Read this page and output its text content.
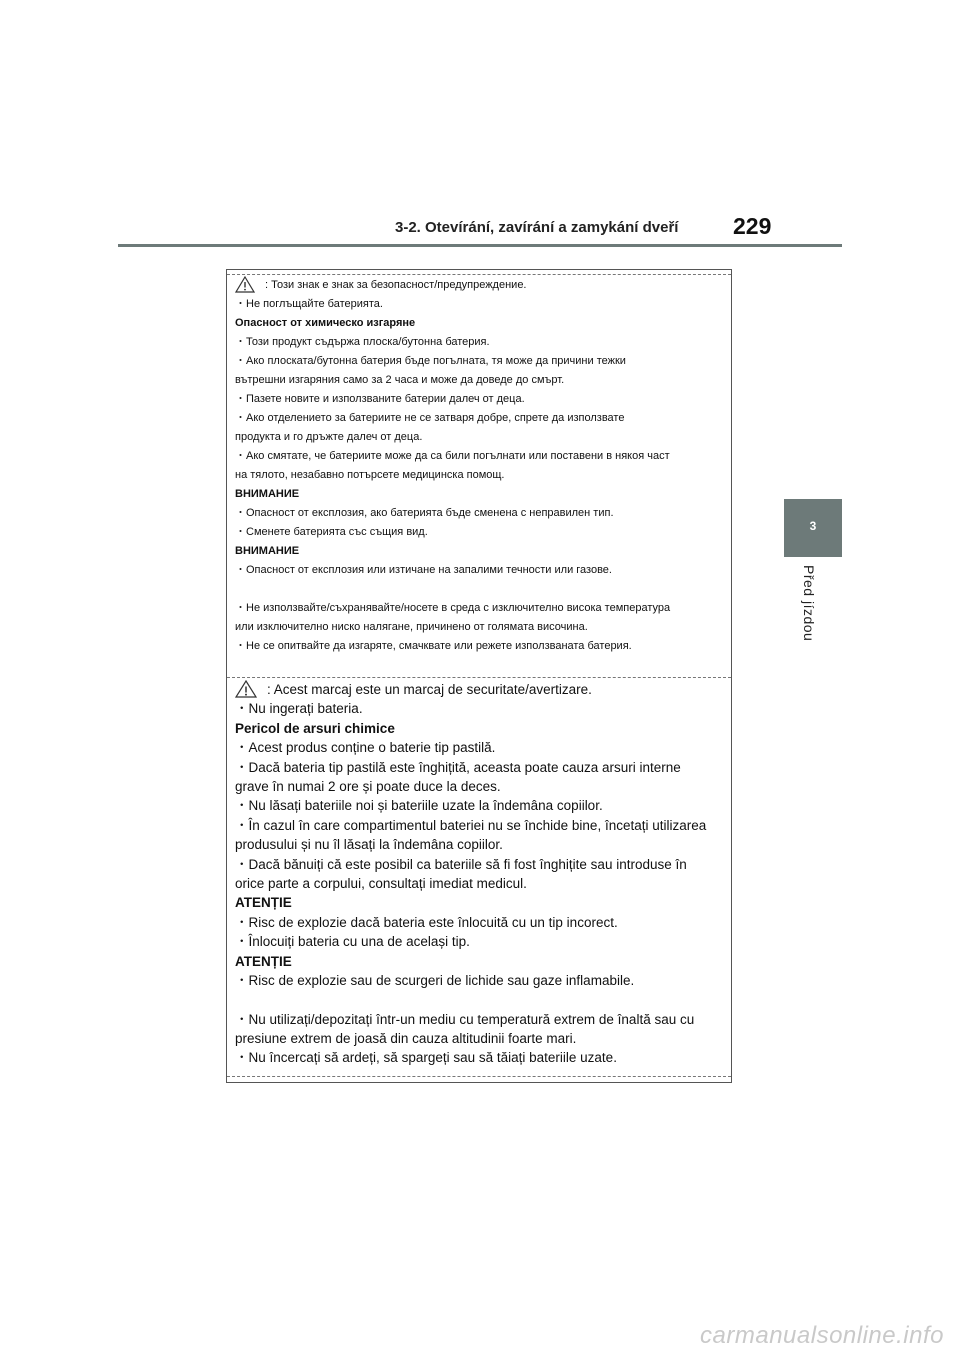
3-2. Otevírání, zavírání a zamykání dveří 229
3
Před jízdou

: Този знак е знак за безопасност/предупреждение.

・Не поглъщайте батерията.

Опасност от химическо изгаряне

・Този продукт съдържа плоска/бутонна батерия.

・Ако плоската/бутонна батерия бъде погълната, тя може да причини тежки

вътрешни изгаряния само за 2 часа и може да доведе до смърт.

・Пазете новите и използваните батерии далеч от деца.

・Ако отделението за батериите не се затваря добре, спрете да използвате

продукта и го дръжте далеч от деца.

・Ако смятате, че батериите може да са били погълнати или поставени в някоя част

на тялото, незабавно потърсете медицинска помощ.

ВНИМАНИЕ

・Опасност от експлозия, ако батерията бъде сменена с неправилен тип.

・Сменете батерията със същия вид.

ВНИМАНИЕ

・Опасност от експлозия или изтичане на запалими течности или газове.

・Не използвайте/съхранявайте/носете в среда с изключително висока температура

или изключително ниско налягане, причинено от голямата височина.

・Не се опитвайте да изгаряте, смачквате или режете използваната батерия.

: Acest marcaj este un marcaj de securitate/avertizare.

・Nu ingerați bateria.

Pericol de arsuri chimice

・Acest produs conține o baterie tip pastilă.

・Dacă bateria tip pastilă este înghițită, aceasta poate cauza arsuri interne

grave în numai 2 ore și poate duce la deces.

・Nu lăsați bateriile noi și bateriile uzate la îndemâna copiilor.

・În cazul în care compartimentul bateriei nu se închide bine, încetați utilizarea

produsului și nu îl lăsați la îndemâna copiilor.

・Dacă bănuiți că este posibil ca bateriile să fi fost înghițite sau introduse în

orice parte a corpului, consultați imediat medicul.

ATENȚIE

・Risc de explozie dacă bateria este înlocuită cu un tip incorect.

・Înlocuiți bateria cu una de același tip.

ATENȚIE

・Risc de explozie sau de scurgeri de lichide sau gaze inflamabile.

・Nu utilizați/depozitați într-un mediu cu temperatură extrem de înaltă sau cu

presiune extrem de joasă din cauza altitudinii foarte mari.

・Nu încercați să ardeți, să spargeți sau să tăiați bateriile uzate.

carmanualsonline.info
